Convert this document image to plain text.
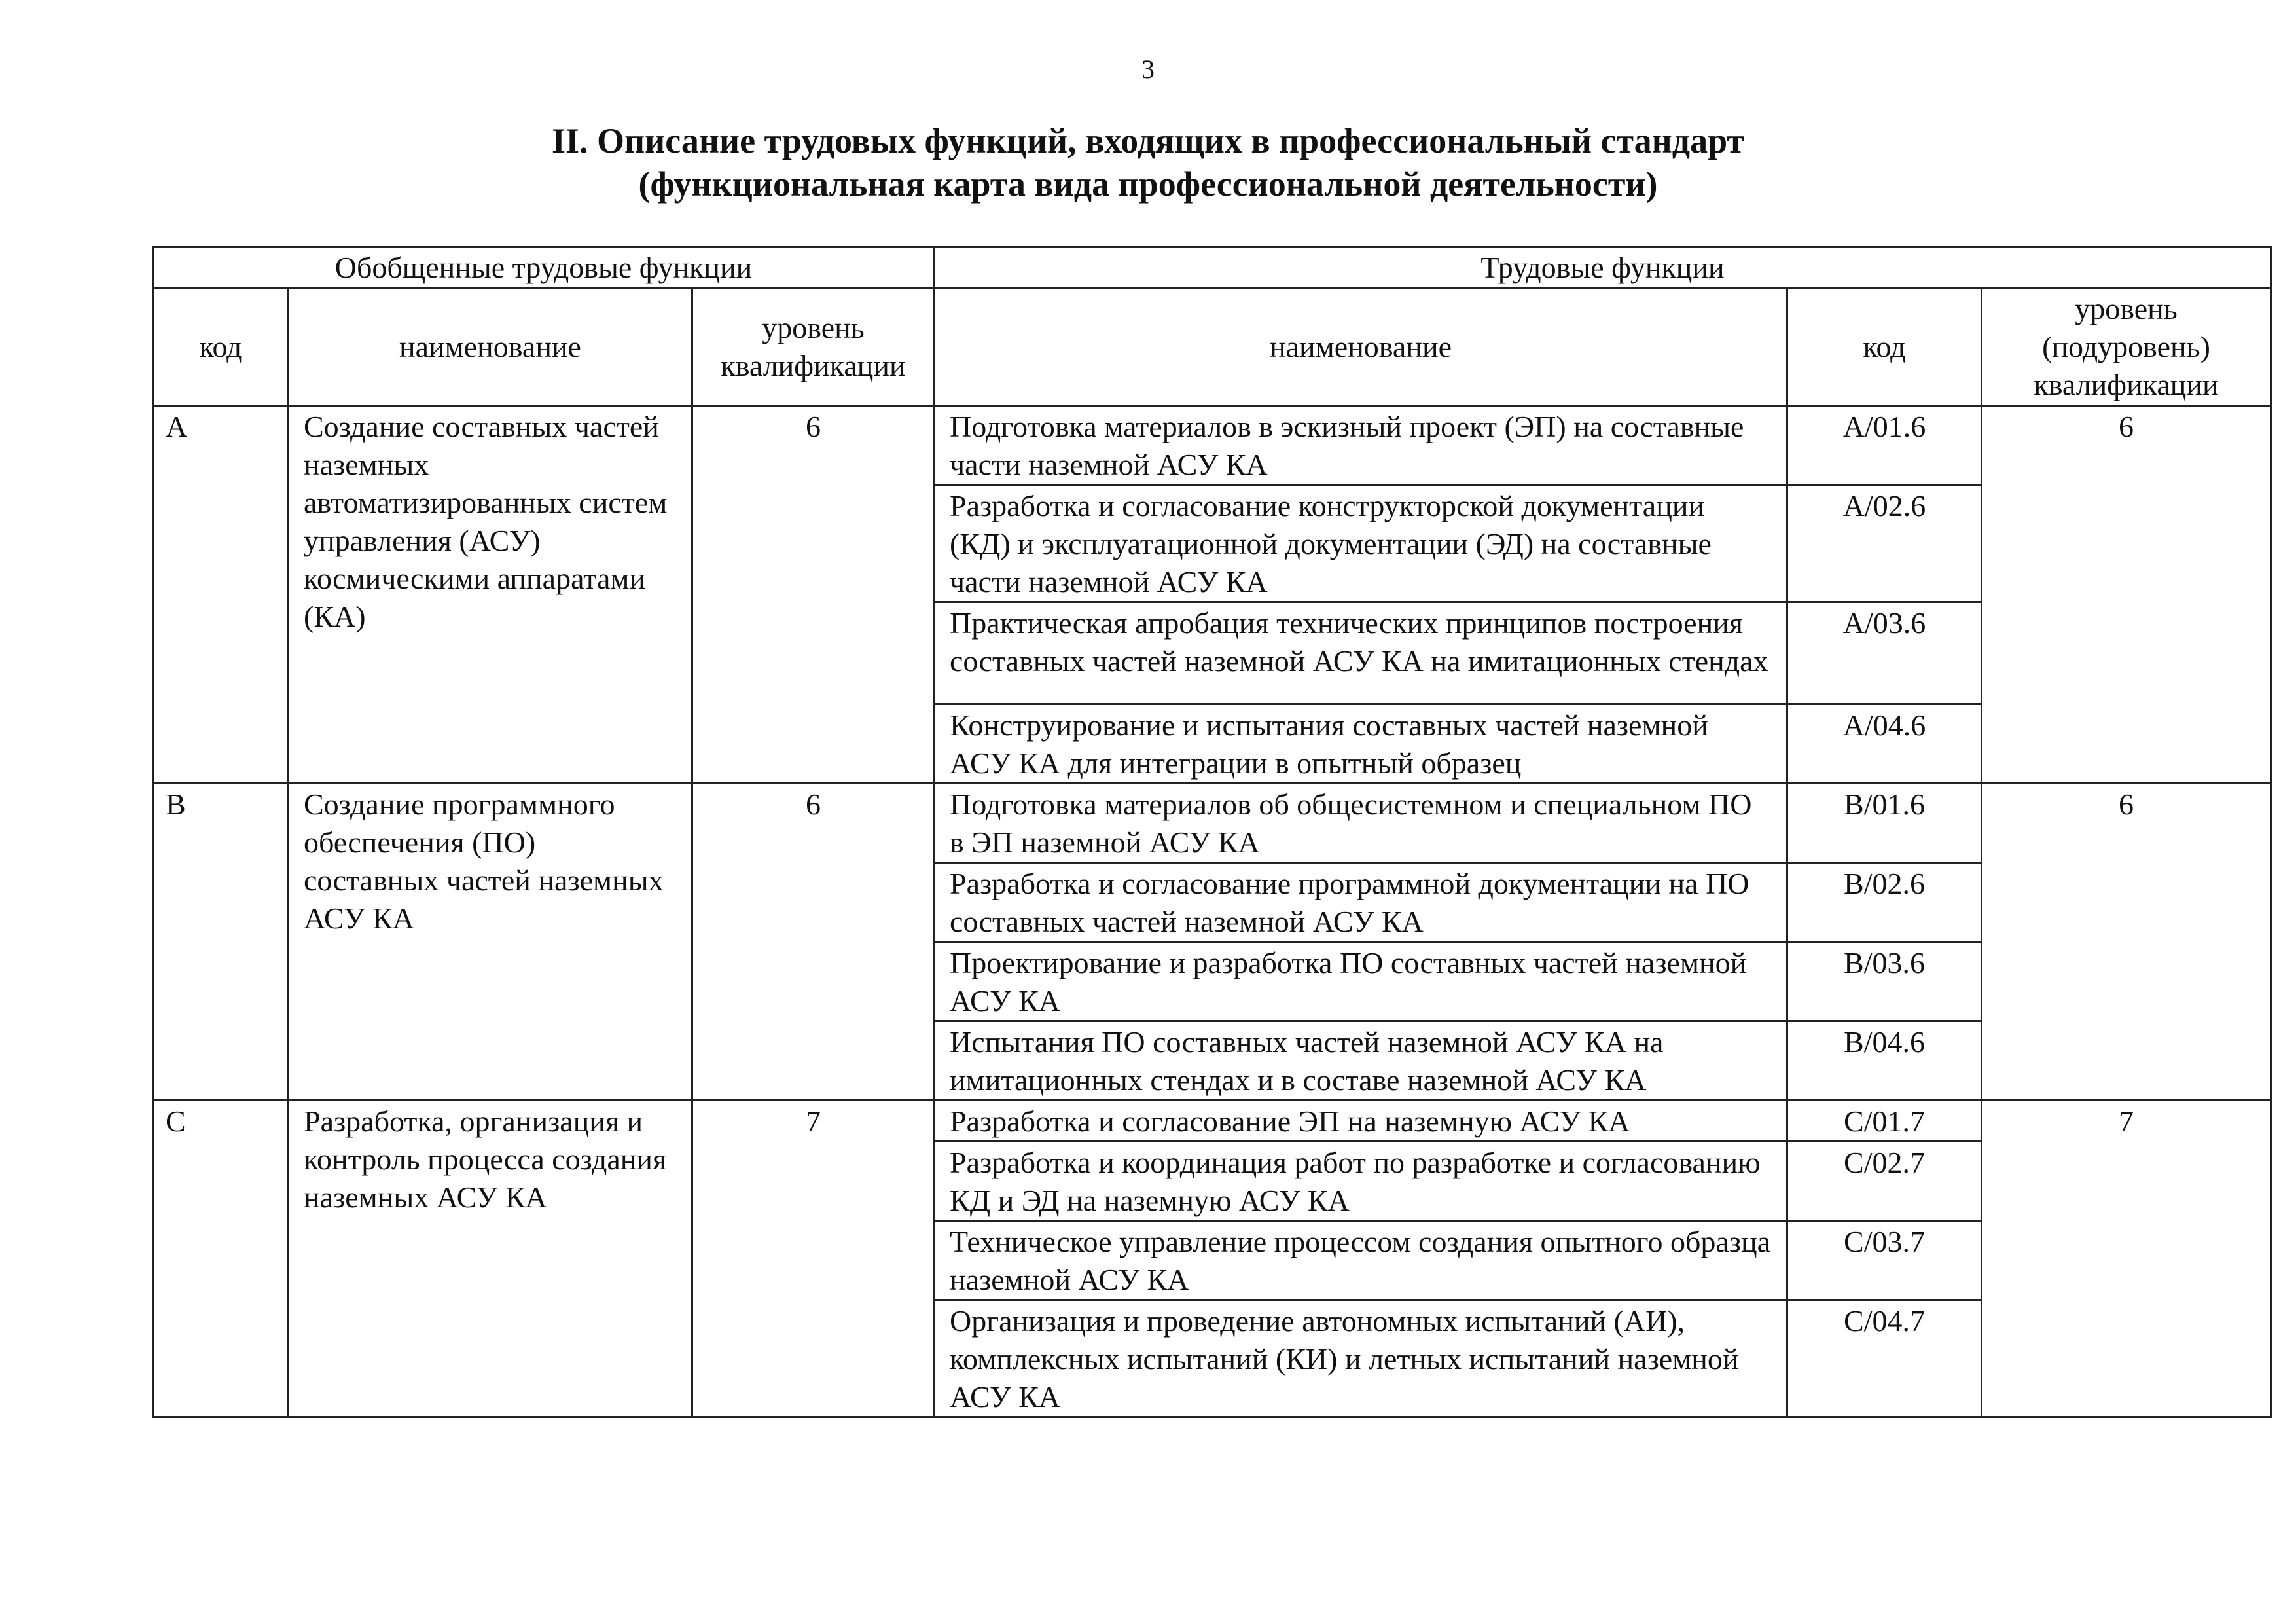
3
II. Описание трудовых функций, входящих в профессиональный стандарт
(функциональная карта вида профессиональной деятельности)
Обобщенные трудовые функции			Трудовые функции		
код	наименование	уровень квалификации	наименование	код	уровень (подуровень) квалификации
A	Создание составных частей наземных автоматизированных систем управления (АСУ) космическими аппаратами (КА)	6	Подготовка материалов в эскизный проект (ЭП) на составные части наземной АСУ КА	A/01.6	6
			Разработка и согласование конструкторской документации (КД) и эксплуатационной документации (ЭД) на составные части наземной АСУ КА	A/02.6	
			Практическая апробация технических принципов построения составных частей наземной АСУ КА на имитационных стендах	A/03.6	
			Конструирование и испытания составных частей наземной АСУ КА для интеграции в опытный образец	A/04.6	
B	Создание программного обеспечения (ПО) составных частей наземных АСУ КА	6	Подготовка материалов об общесистемном и специальном ПО в ЭП наземной АСУ КА	B/01.6	6
			Разработка и согласование программной документации на ПО составных частей наземной АСУ КА	B/02.6	
			Проектирование и разработка ПО составных частей наземной АСУ КА	B/03.6	
			Испытания ПО составных частей наземной АСУ КА на имитационных стендах и в составе наземной АСУ КА	B/04.6	
C	Разработка, организация и контроль процесса создания наземных АСУ КА	7	Разработка и согласование ЭП на наземную АСУ КА	C/01.7	7
			Разработка и координация работ по разработке и согласованию КД и ЭД на наземную АСУ КА	C/02.7	
			Техническое управление процессом создания опытного образца наземной АСУ КА	C/03.7	
			Организация и проведение автономных испытаний (АИ), комплексных испытаний (КИ) и летных испытаний наземной АСУ КА	C/04.7	
